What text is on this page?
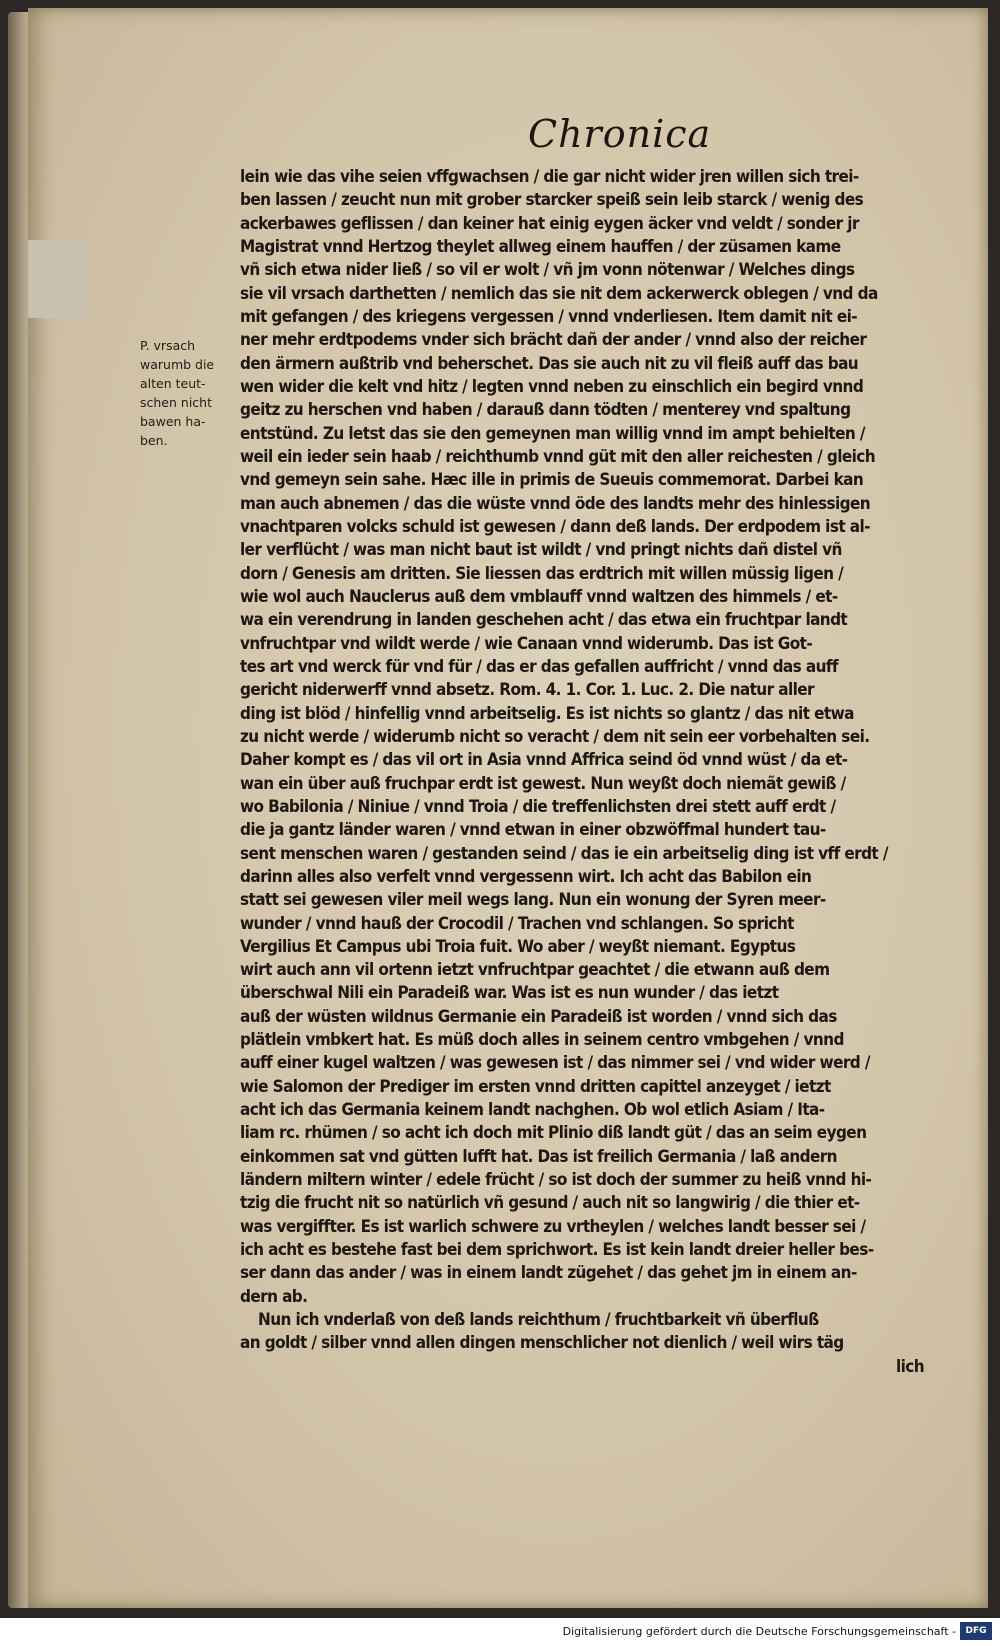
Chronica
P. vrsach
warumb die
alten teut-
schen nicht
bawen ha-
ben.
lein wie das vihe seien vffgwachsen / die gar nicht wider jren willen sich trei-
ben lassen / zeucht nun mit grober starcker speiß sein leib starck / wenig des
ackerbawes geflissen / dan keiner hat einig eygen äcker vnd veldt / sonder jr
Magistrat vnnd Hertzog theylet allweg einem hauffen / der züsamen kame
vñ sich etwa nider ließ / so vil er wolt / vñ jm vonn nötenwar / Welches dings
sie vil vrsach darthetten / nemlich das sie nit dem ackerwerck oblegen / vnd da
mit gefangen / des kriegens vergessen / vnnd vnderliesen. Item damit nit ei-
ner mehr erdtpodems vnder sich brächt dañ der ander / vnnd also der reicher
den ärmern außtrib vnd beherschet. Das sie auch nit zu vil fleiß auff das bau
wen wider die kelt vnd hitz / legten vnnd neben zu einschlich ein begird vnnd
geitz zu herschen vnd haben / darauß dann tödten / menterey vnd spaltung
entstünd. Zu letst das sie den gemeynen man willig vnnd im ampt behielten /
weil ein ieder sein haab / reichthumb vnnd güt mit den aller reichesten / gleich
vnd gemeyn sein sahe. Hæc ille in primis de Sueuis commemorat. Darbei kan
man auch abnemen / das die wüste vnnd öde des landts mehr des hinlessigen
vnachtparen volcks schuld ist gewesen / dann deß lands. Der erdpodem ist al-
ler verflücht / was man nicht baut ist wildt / vnd pringt nichts dañ distel vñ
dorn / Genesis am dritten. Sie liessen das erdtrich mit willen müssig ligen /
wie wol auch Nauclerus auß dem vmblauff vnnd waltzen des himmels / et-
wa ein verendrung in landen geschehen acht / das etwa ein fruchtpar landt
vnfruchtpar vnd wildt werde / wie Canaan vnnd widerumb. Das ist Got-
tes art vnd werck für vnd für / das er das gefallen auffricht / vnnd das auff
gericht niderwerff vnnd absetz. Rom. 4. 1. Cor. 1. Luc. 2. Die natur aller
ding ist blöd / hinfellig vnnd arbeitselig. Es ist nichts so glantz / das nit etwa
zu nicht werde / widerumb nicht so veracht / dem nit sein eer vorbehalten sei.
Daher kompt es / das vil ort in Asia vnnd Affrica seind öd vnnd wüst / da et-
wan ein über auß fruchpar erdt ist gewest. Nun weyßt doch niemãt gewiß /
wo Babilonia / Niniue / vnnd Troia / die treffenlichsten drei stett auff erdt /
die ja gantz länder waren / vnnd etwan in einer obzwöffmal hundert tau-
sent menschen waren / gestanden seind / das ie ein arbeitselig ding ist vff erdt /
darinn alles also verfelt vnnd vergessenn wirt. Ich acht das Babilon ein
statt sei gewesen viler meil wegs lang. Nun ein wonung der Syren meer-
wunder / vnnd hauß der Crocodil / Trachen vnd schlangen. So spricht
Vergilius Et Campus ubi Troia fuit. Wo aber / weyßt niemant. Egyptus
wirt auch ann vil ortenn ietzt vnfruchtpar geachtet / die etwann auß dem
überschwal Nili ein Paradeiß war. Was ist es nun wunder / das ietzt
auß der wüsten wildnus Germanie ein Paradeiß ist worden / vnnd sich das
plätlein vmbkert hat. Es müß doch alles in seinem centro vmbgehen / vnnd
auff einer kugel waltzen / was gewesen ist / das nimmer sei / vnd wider werd /
wie Salomon der Prediger im ersten vnnd dritten capittel anzeyget / ietzt
acht ich das Germania keinem landt nachghen. Ob wol etlich Asiam / Ita-
liam rc. rhümen / so acht ich doch mit Plinio diß landt güt / das an seim eygen
einkommen sat vnd gütten lufft hat. Das ist freilich Germania / laß andern
ländern miltern winter / edele frücht / so ist doch der summer zu heiß vnnd hi-
tzig die frucht nit so natürlich vñ gesund / auch nit so langwirig / die thier et-
was vergiffter. Es ist warlich schwere zu vrtheylen / welches landt besser sei /
ich acht es bestehe fast bei dem sprichwort. Es ist kein landt dreier heller bes-
ser dann das ander / was in einem landt zügehet / das gehet jm in einem an-
dern ab.
Nun ich vnderlaß von deß lands reichthum / fruchtbarkeit vñ überfluß
an goldt / silber vnnd allen dingen menschlicher not dienlich / weil wirs täg
lich
Digitalisierung gefördert durch die Deutsche Forschungsgemeinschaft -	DFG
